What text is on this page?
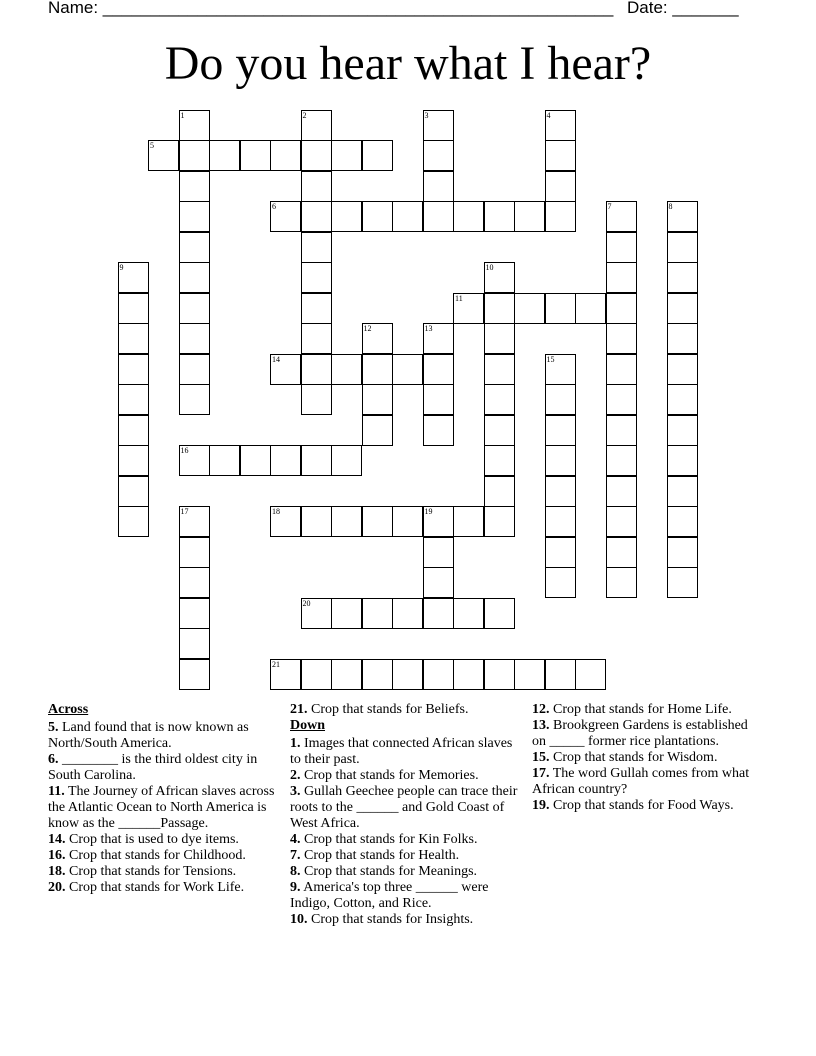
Name: ______________________________________________________ Date: _______
Do you hear what I hear?
1	2	3	4
5
6	7	8
9	10
11
12	13
14	15
16
17	18	19
20
21
Across
5. Land found that is now known as North/South America.
6. ________ is the third oldest city in South Carolina.
11. The Journey of African slaves across the Atlantic Ocean to North America is know as the ______Passage.
14. Crop that is used to dye items.
16. Crop that stands for Childhood.
18. Crop that stands for Tensions.
20. Crop that stands for Work Life.
21. Crop that stands for Beliefs.
Down
1. Images that connected African slaves to their past.
2. Crop that stands for Memories.
3. Gullah Geechee people can trace their roots to the ______ and Gold Coast of West Africa.
4. Crop that stands for Kin Folks.
7. Crop that stands for Health.
8. Crop that stands for Meanings.
9. America's top three ______ were Indigo, Cotton, and Rice.
10. Crop that stands for Insights.
12. Crop that stands for Home Life.
13. Brookgreen Gardens is established on _____ former rice plantations.
15. Crop that stands for Wisdom.
17. The word Gullah comes from what African country?
19. Crop that stands for Food Ways.
